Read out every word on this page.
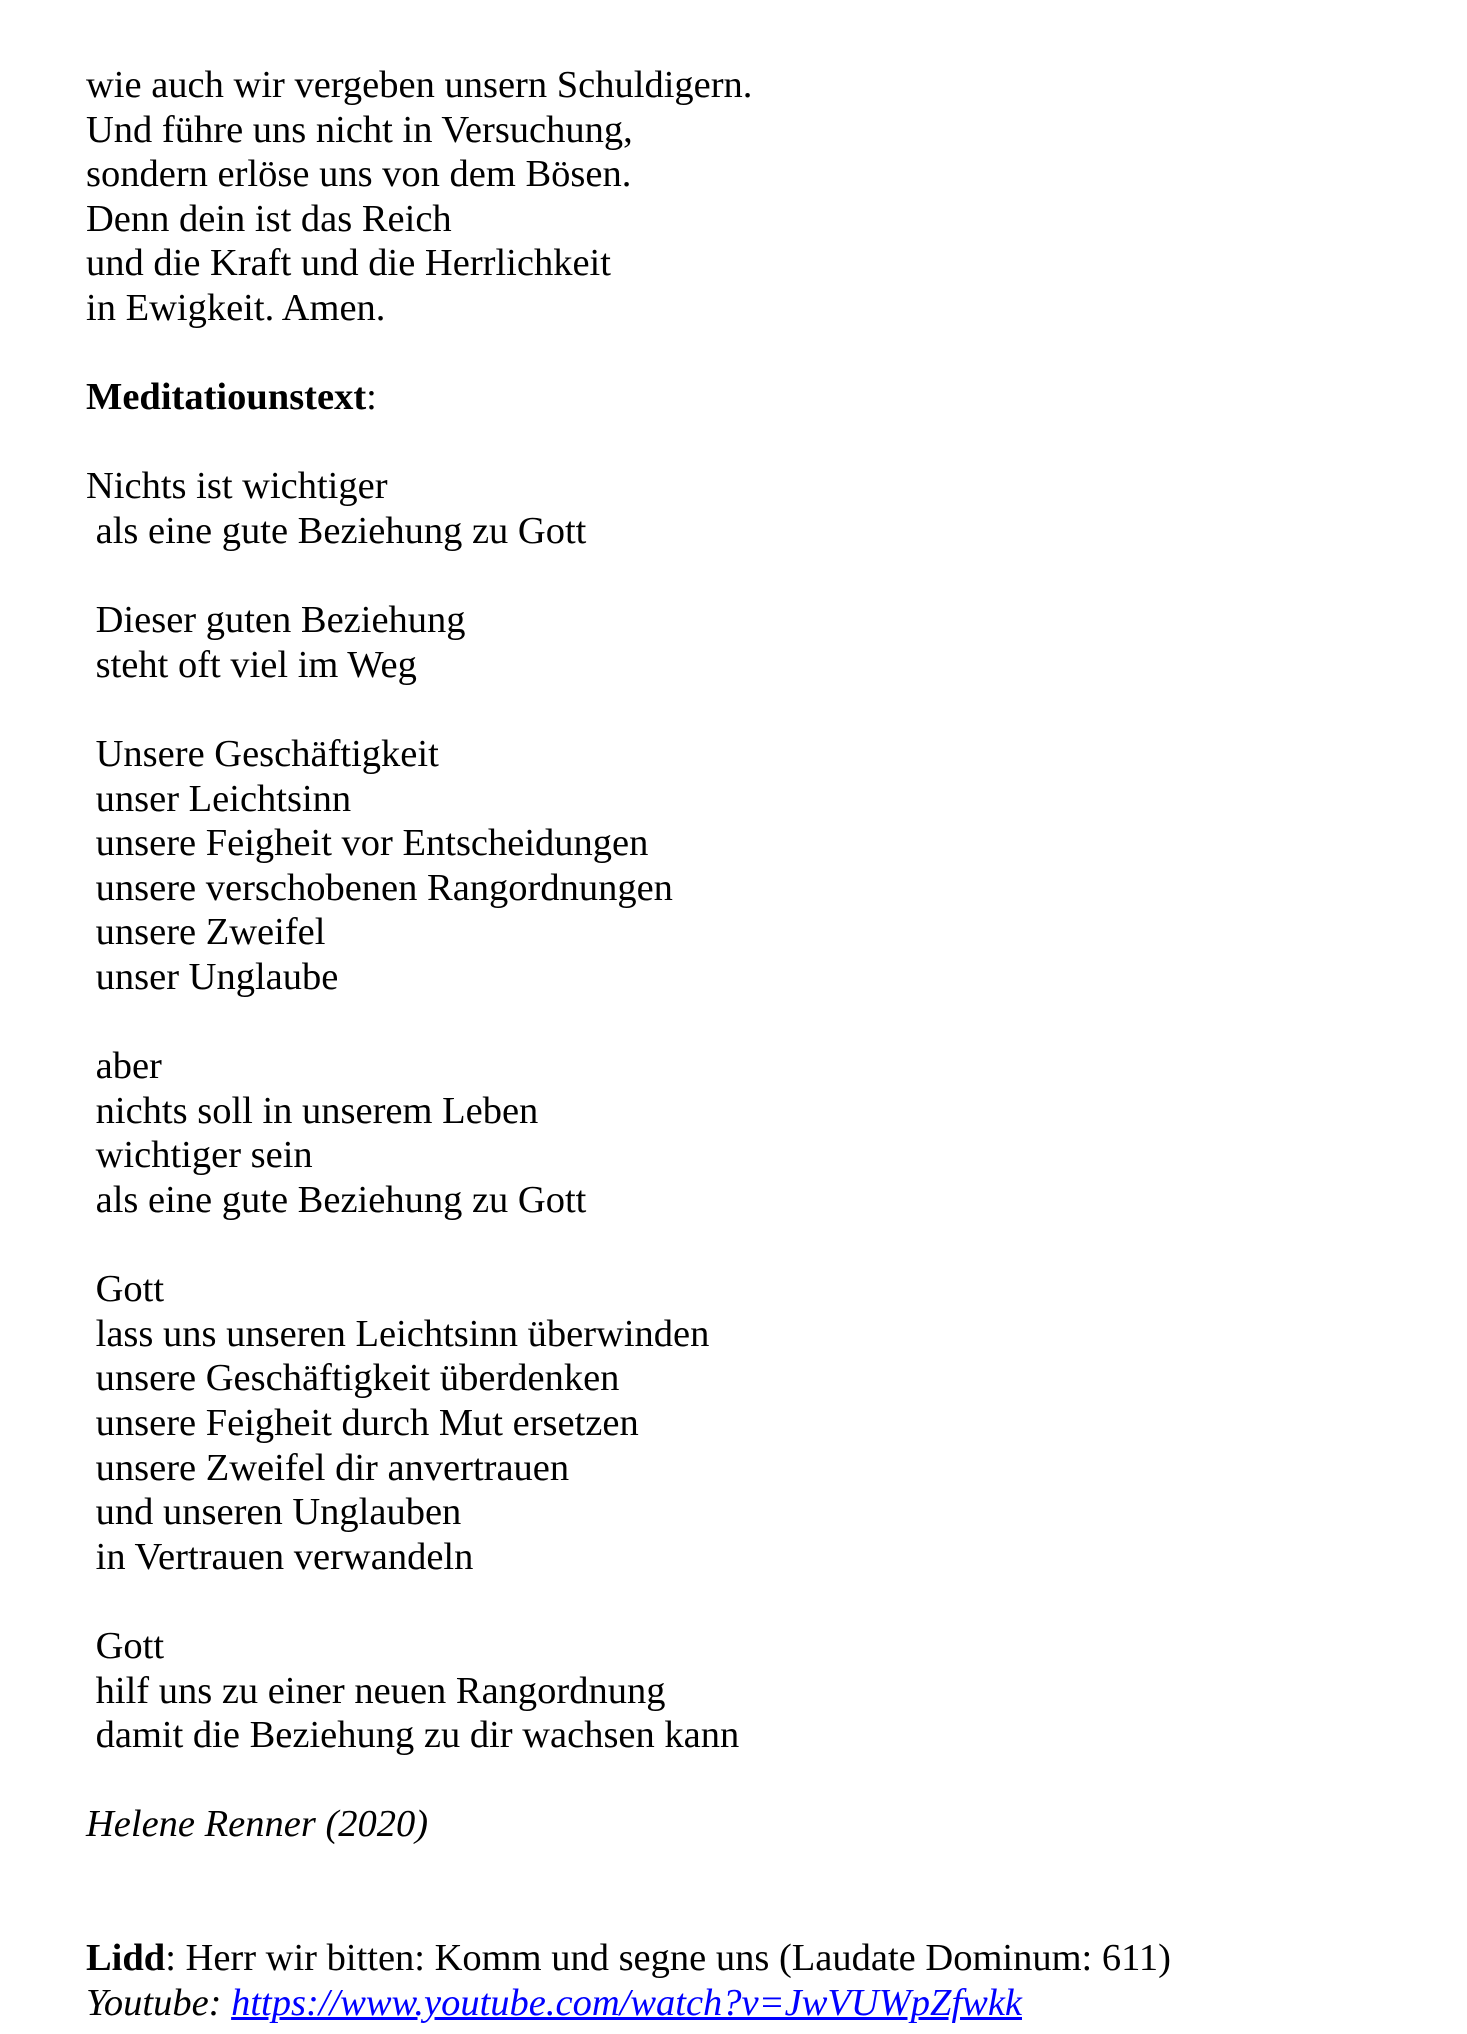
wie auch wir vergeben unsern Schuldigern.
Und führe uns nicht in Versuchung,
sondern erlöse uns von dem Bösen.
Denn dein ist das Reich
und die Kraft und die Herrlichkeit
in Ewigkeit. Amen.
Meditatiounstext:
Nichts ist wichtiger
als eine gute Beziehung zu Gott
Dieser guten Beziehung
steht oft viel im Weg
Unsere Geschäftigkeit
unser Leichtsinn
unsere Feigheit vor Entscheidungen
unsere verschobenen Rangordnungen
unsere Zweifel
unser Unglaube
aber
nichts soll in unserem Leben
wichtiger sein
als eine gute Beziehung zu Gott
Gott
lass uns unseren Leichtsinn überwinden
unsere Geschäftigkeit überdenken
unsere Feigheit durch Mut ersetzen
unsere Zweifel dir anvertrauen
und unseren Unglauben
in Vertrauen verwandeln
Gott
hilf uns zu einer neuen Rangordnung
damit die Beziehung zu dir wachsen kann
Helene Renner (2020)
Lidd: Herr wir bitten: Komm und segne uns (Laudate Dominum: 611)
Youtube: https://www.youtube.com/watch?v=JwVUWpZfwkk
